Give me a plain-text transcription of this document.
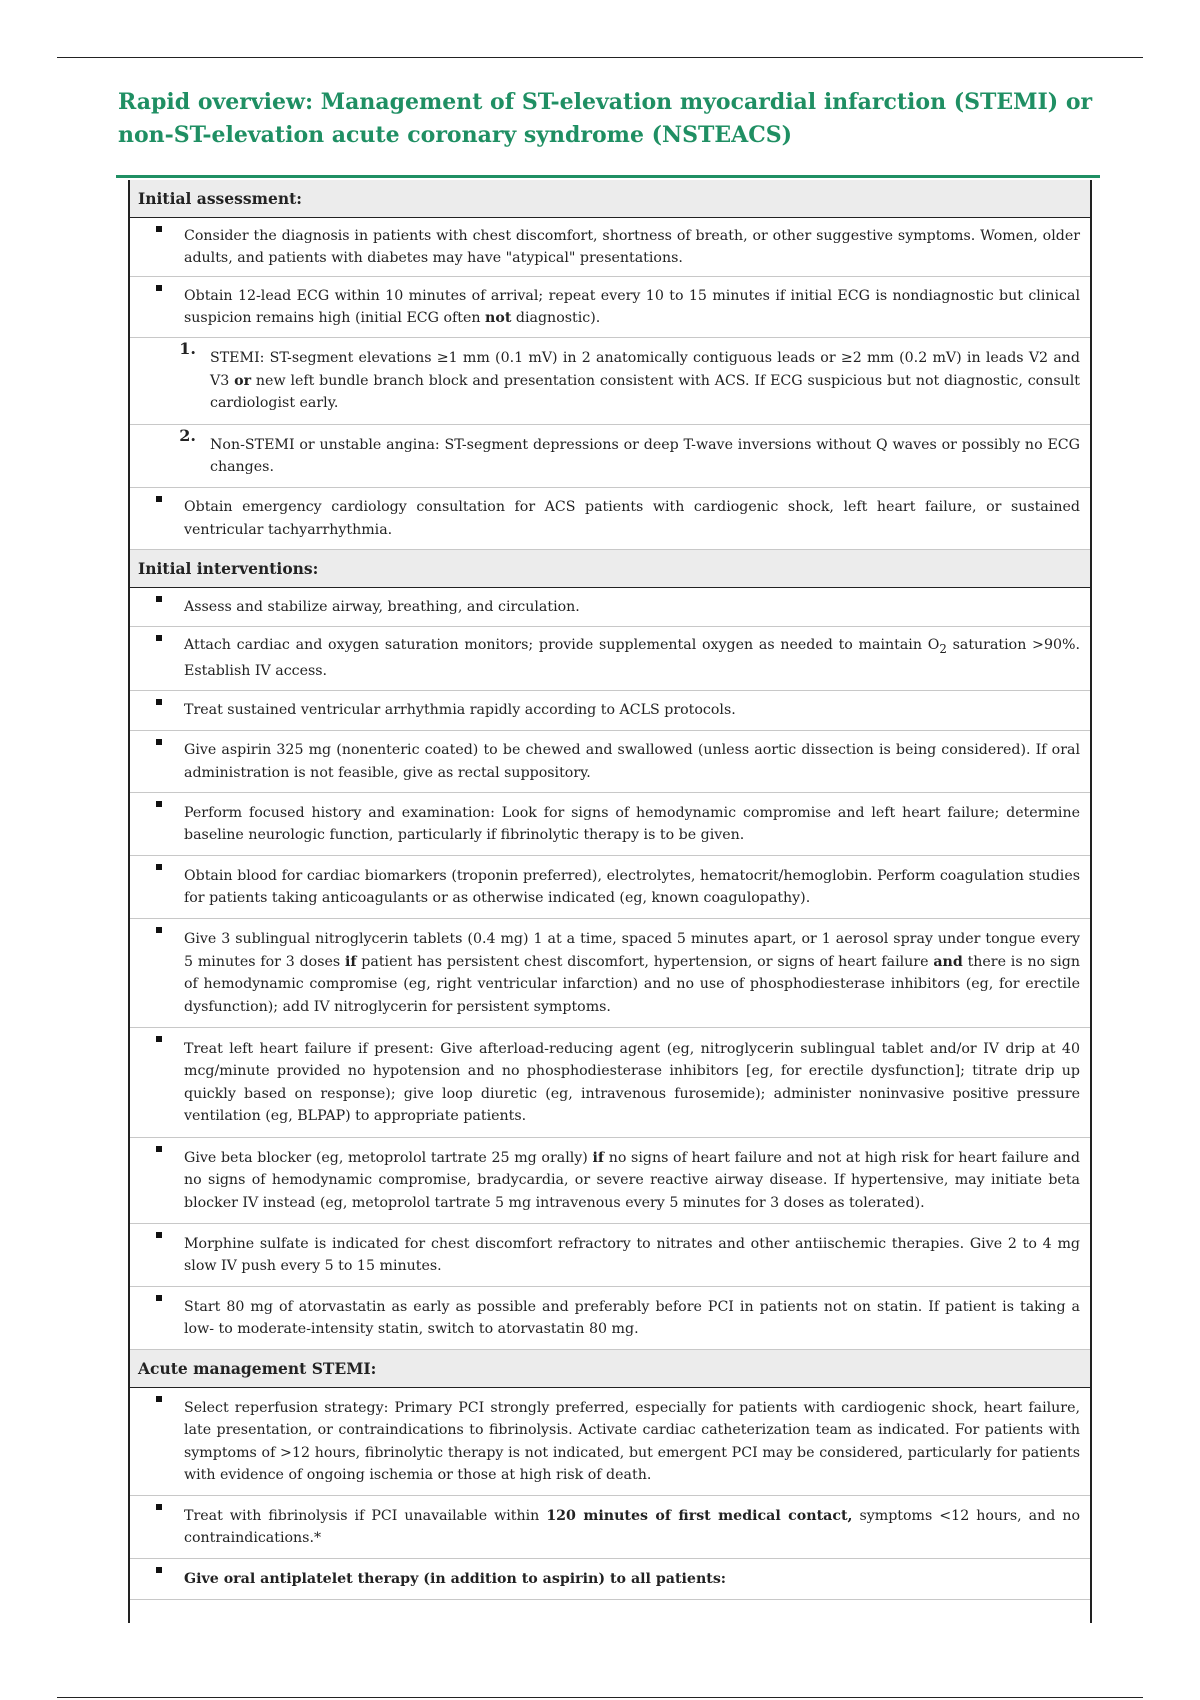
Rapid overview: Management of ST-elevation myocardial infarction (STEMI) or non-ST-elevation acute coronary syndrome (NSTEACS)
Initial assessment:
Consider the diagnosis in patients with chest discomfort, shortness of breath, or other suggestive symptoms. Women, older adults, and patients with diabetes may have "atypical" presentations.
Obtain 12-lead ECG within 10 minutes of arrival; repeat every 10 to 15 minutes if initial ECG is nondiagnostic but clinical suspicion remains high (initial ECG often not diagnostic).
1.
STEMI: ST-segment elevations ≥1 mm (0.1 mV) in 2 anatomically contiguous leads or ≥2 mm (0.2 mV) in leads V2 and V3 or new left bundle branch block and presentation consistent with ACS. If ECG suspicious but not diagnostic, consult cardiologist early.
2. Non-STEMI or unstable angina: ST-segment depressions or deep T-wave inversions without Q waves or possibly no ECG changes.
Obtain emergency cardiology consultation for ACS patients with cardiogenic shock, left heart failure, or sustained ventricular tachyarrhythmia.
Initial interventions:
Assess and stabilize airway, breathing, and circulation.
Attach cardiac and oxygen saturation monitors; provide supplemental oxygen as needed to maintain $O_2$ saturation >90%. Establish IV access.
Treat sustained ventricular arrhythmia rapidly according to ACLS protocols.
Give aspirin 325 mg (nonenteric coated) to be chewed and swallowed (unless aortic dissection is being considered). If oral administration is not feasible, give as rectal suppository.
Perform focused history and examination: Look for signs of hemodynamic compromise and left heart failure; determine baseline neurologic function, particularly if fibrinolytic therapy is to be given.
Obtain blood for cardiac biomarkers (troponin preferred), electrolytes, hematocrit/hemoglobin. Perform coagulation studies for patients taking anticoagulants or as otherwise indicated (eg, known coagulopathy).
Give 3 sublingual nitroglycerin tablets (0.4 mg) 1 at a time, spaced 5 minutes apart, or 1 aerosol spray under tongue every 5 minutes for 3 doses if patient has persistent chest discomfort, hypertension, or signs of heart failure and there is no sign of hemodynamic compromise (eg, right ventricular infarction) and no use of phosphodiesterase inhibitors (eg, for erectile dysfunction); add IV nitroglycerin for persistent symptoms.
Treat left heart failure if present: Give afterload-reducing agent (eg, nitroglycerin sublingual tablet and/or IV drip at 40 mcg/minute provided no hypotension and no phosphodiesterase inhibitors [eg, for erectile dysfunction]; titrate drip up quickly based on response); give loop diuretic (eg, intravenous furosemide); administer noninvasive positive pressure ventilation (eg, BLPAP) to appropriate patients.
Give beta blocker (eg, metoprolol tartrate 25 mg orally) if no signs of heart failure and not at high risk for heart failure and no signs of hemodynamic compromise, bradycardia, or severe reactive airway disease. If hypertensive, may initiate beta blocker IV instead (eg, metoprolol tartrate 5 mg intravenous every 5 minutes for 3 doses as tolerated).
Morphine sulfate is indicated for chest discomfort refractory to nitrates and other antiischemic therapies. Give 2 to 4 mg slow IV push every 5 to 15 minutes.
Start 80 mg of atorvastatin as early as possible and preferably before PCI in patients not on statin. If patient is taking a low- to moderate-intensity statin, switch to atorvastatin 80 mg.
Acute management STEMI:
Select reperfusion strategy: Primary PCI strongly preferred, especially for patients with cardiogenic shock, heart failure, late presentation, or contraindications to fibrinolysis. Activate cardiac catheterization team as indicated. For patients with symptoms of >12 hours, fibrinolytic therapy is not indicated, but emergent PCI may be considered, particularly for patients with evidence of ongoing ischemia or those at high risk of death.
Treat with fibrinolysis if PCI unavailable within 120 minutes of first medical contact, symptoms <12 hours, and no contraindications.*
Give oral antiplatelet therapy (in addition to aspirin) to all patients:
